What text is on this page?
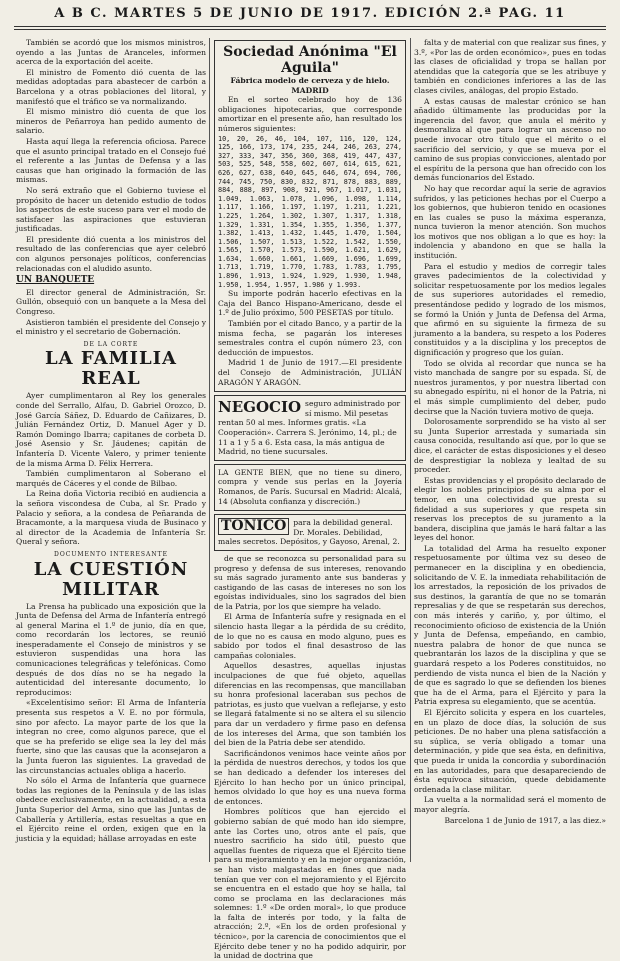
A B C. MARTES 5 DE JUNIO DE 1917. EDICIÓN 2.ª PAG. 11

También se acordó que los mismos ministros, oyendo a las Juntas de Aranceles, informen acerca de la exportación del aceite.

El ministro de Fomento dió cuenta de las medidas adoptadas para abastecer de carbón a Barcelona y a otras poblaciones del litoral, y manifestó que el tráfico se va normalizando.

El mismo ministro dió cuenta de que los mineros de Peñarroya han pedido aumento de salario.

Hasta aquí llega la referencia oficiosa. Parece que el asunto principal tratado en el Consejo fué el referente a las Juntas de Defensa y a las causas que han originado la formación de las mismas.

No será extraño que el Gobierno tuviese el propósito de hacer un detenido estudio de todos los aspectos de este suceso para ver el modo de satisfacer las aspiraciones que estuvieran justificadas.

El presidente dió cuenta a los ministros del resultado de las conferencias que ayer celebró con algunos personajes políticos, conferencias relacionadas con el aludido asunto.

UN BANQUETE

El director general de Administración, Sr. Gullón, obsequió con un banquete a la Mesa del Congreso.

Asistieron también el presidente del Consejo y el ministro y el secretario de Gobernación.

DE LA CORTE
LA FAMILIA REAL

Ayer cumplimentaron al Rey los generales conde del Serrallo, Alfau, D. Gabriel Orozco, D. José García Sáñez, D. Eduardo de Cañizares, D. Julián Fernández Ortiz, D. Manuel Ager y D. Ramón Domingo Ibarra; capitanes de corbeta D. José Asensio y Sr. Jáudenes; capitán de Infantería D. Vicente Valero, y primer teniente de la misma Arma D. Félix Herrera.

También cumplimentaron al Soberano el marqués de Cáceres y el conde de Bilbao.

La Reina doña Victoria recibió en audiencia a la señora viscondesa de Cuba, al Sr. Prado y Palacio y señora, a la condesa de Peñaranda de Bracamonte, a la marquesa viuda de Businaco y al director de la Academia de Infantería Sr. Queral y señora.

DOCUMENTO INTERESANTE
LA CUESTIÓN MILITAR

La Prensa ha publicado una exposición que la Junta de Defensa del Arma de Infantería entregó al general Marina el 1.º de junio, día en que, como recordarán los lectores, se reunió inesperadamente el Consejo de ministros y se estuvieron suspendidas una hora las comunicaciones telegráficas y telefónicas. Como después de dos días no se ha negado la autenticidad del interesante documento, lo reproducimos:

«Excelentísimo señor: El Arma de Infantería presenta sus respetos a V. E. no por fórmula, sino por afecto. La mayor parte de los que la integran no cree, como algunos parece, que el que se ha preferido se elige sea la ley del más fuerte, sino que las causas que la aconsejaron a la Junta fueron las siguientes. La gravedad de las circunstancias actuales obliga a hacerlo.

No sólo el Arma de Infantería que guarnece todas las regiones de la Península y de las islas obedece exclusivamente, en la actualidad, a esta Junta Superior del Arma, sino que las Juntas de Caballería y Artillería, estas resueltas a que en el Ejército reine el orden, exigen que en la justicia y la equidad; hállase arroyadas en este

Sociedad Anónima "El Aguila"
Fábrica modelo de cerveza y de hielo.
MADRID

En el sorteo celebrado hoy de 136 obligaciones hipotecarias, que corresponde amortizar en el presente año, han resultado los números siguientes:

10, 20, 26, 46, 104, 107, 116, 120, 124, 125, 166, 173, 174, 235, 244, 246, 263, 274, 327, 333, 347, 356, 360, 368, 419, 447, 437, 503, 525, 548, 558, 602, 607, 614, 615, 621, 626, 627, 638, 640, 645, 646, 674, 694, 706, 744, 745, 750, 830, 832, 871, 878, 883, 889, 884, 888, 897, 908, 921, 967, 1.017, 1.031, 1.049, 1.063, 1.078, 1.096, 1.098, 1.114, 1.117, 1.166, 1.197, 1.197, 1.211, 1.221, 1.225, 1.264, 1.302, 1.307, 1.317, 1.318, 1.329, 1.331, 1.354, 1.355, 1.356, 1.377, 1.382, 1.413, 1.432, 1.445, 1.470, 1.504, 1.506, 1.507, 1.513, 1.522, 1.542, 1.550, 1.565, 1.570, 1.573, 1.590, 1.621, 1.629, 1.634, 1.660, 1.661, 1.669, 1.696, 1.699, 1.713, 1.719, 1.770, 1.783, 1.783, 1.795, 1.896, 1.913, 1.924, 1.929, 1.930, 1.948, 1.950, 1.954, 1.957, 1.986 y 1.993.

Su importe podrán hacerlo efectivas en la Caja del Banco Hispano-Americano, desde el 1.º de Julio próximo, 500 PESETAS por título.

También por el citado Banco, y a partir de la misma fecha, se pagarán los intereses semestrales contra el cupón número 23, con deducción de impuestos.

Madrid 1 de Junio de 1917.—El presidente del Consejo de Administración, JULIÁN ARAGÓN Y ARAGÓN.

NEGOCIO seguro administrado por sí mismo. Mil pesetas rentan 50 al mes. Informes gratis. «La Cooperación». Carrera S. Jerónimo, 14, pl.; de 11 a 1 y 5 a 6. Esta casa, la más antigua de Madrid, no tiene sucursales.

LA GENTE BIEN, que no tiene su dinero, compra y vende sus perlas en la Joyería Romanos, de París. Sucursal en Madrid: Alcalá, 14 (Absoluta confianza y discreción.)

TONICO para la debilidad general. Dr. Morales. Debilidad, males secretos. Depósitos, y Gayoso, Arenal, 2.

de que se reconozca su personalidad para su progreso y defensa de sus intereses, renovando su más sagrado juramento ante sus banderas y castigando de las casas de intereses no son los egoístas individuales, sino los sagrados del bien de la Patria, por los que siempre ha velado.

El Arma de Infantería sufre y resignada en el silencio hasta llegar a la pérdida de su crédito, de lo que no es causa en modo alguno, pues es sabido por todos el final desastroso de las campañas coloniales.

Aquellos desastres, aquellas injustas inculpaciones de que fué objeto, aquellas diferencias en las recompensas, que mancillaban su honra profesional laceraban sus pechos de patriotas, es justo que vuelvan a reflejarse, y esto se llegará fatalmente si no se altera el su silencio para dar un verdadero y firme paso en defensa de los intereses del Arma, que son también los del bien de la Patria debe ser atendido.

Sacrificándonos venimos hace veinte años por la pérdida de nuestros derechos, y todos los que se han dedicado a defender los intereses del Ejército lo han hecho por un único principal, hemos olvidado lo que hoy es una nueva forma de entonces.

Hombres políticos que han ejercido el gobierno sabían de qué modo han ido siempre, ante las Cortes uno, otros ante el país, que nuestro sacrificio ha sido útil, puesto que aquellas fuentes de riqueza que el Ejército tiene para su mejoramiento y en la mejor organización, se han visto malgastadas en fines que nada tenían que ver con el mejoramiento y el Ejército se encuentra en el estado que hoy se halla, tal como se proclama en las declaraciones más solemnes: 1.º «De orden moral», lo que produce la falta de interés por todo, y la falta de atracción; 2.º, «En los de orden profesional y técnico», por la carencia de conocimientos que el Ejército debe tener y no ha podido adquirir, por la unidad de doctrina que

falta y de material con que realizar sus fines, y 3.º, «Por las de orden económico», pues en todas las clases de oficialidad y tropa se hallan por atendidas que la categoría que se les atribuye y también en condiciones inferiores a las de las clases civiles, análogas, del propio Estado.

A estas causas de malestar crónico se han añadido últimamente las producidas por la ingerencia del favor, que anula el mérito y desmoraliza al que para lograr un ascenso no puede invocar otro título que el mérito o el sacrificio del servicio, y que se mueva por el camino de sus propias convicciones, alentado por el espíritu de la persona que han ofrecido con los demás funcionarios del Estado.

No hay que recordar aquí la serie de agravios sufridos, y las peticiones hechas por el Cuerpo a los gobiernos, que hubieron tenido en ocasiones en las cuales se puso la máxima esperanza, nunca tuvieron la menor atención. Son muchos los motivos que nos obligan a lo que es hoy: la indolencia y abandono en que se halla la institución.

Para el estudio y medios de corregir tales graves padecimientos de la colectividad y solicitar respetuosamente por los medios legales de sus superiores autoridades el remedio, presentándose pedido y logrado de los mismos, se formó la Unión y Junta de Defensa del Arma, que afirmó en su siguiente la firmeza de su juramento a la bandera, su respeto a los Poderes constituidos y a la disciplina y los preceptos de dignificación y progreso que los guían.

Todo se olvida al recordar que nunca se ha visto manchada de sangre por su espada. Sí, de nuestros juramentos, y por nuestra libertad con su abnegado espíritu, ni el honor de la Patria, ni el más simple cumplimiento del deber, pudo decirse que la Nación tuviera motivo de queja.

Dolorosamente sorprendido se ha visto al ser su Junta Superior arrestada y sumariada sin causa conocida, resultando así que, por lo que se dice, el carácter de estas disposiciones y el deseo de desprestigiar la nobleza y lealtad de su proceder.

Estas providencias y el propósito declarado de elegir los nobles principios de su alma por el temor, en una colectividad que presta su fidelidad a sus superiores y que respeta sin reservas los preceptos de su juramento a la bandera, disciplina que jamás le hará faltar a las leyes del honor.

La totalidad del Arma ha resuelto exponer respetuosamente por última vez su deseo de permanecer en la disciplina y en obediencia, solicitando de V. E. la inmediata rehabilitación de los arrestados, la reposición de los privados de sus destinos, la garantía de que no se tomarán represalias y de que se respetarán sus derechos, con más interés y cariño, y, por último, el reconocimiento oficioso de existencia de la Unión y Junta de Defensa, empeñando, en cambio, nuestra palabra de honor de que nunca se quebrantarán los lazos de la disciplina y que se guardará respeto a los Poderes constituidos, no perdiendo de vista nunca el bien de la Nación y de que es sagrado lo que se defienden los bienes que ha de el Arma, para el Ejército y para la Patria expresa su elegamiento, que se acentúa.

El Ejército solicita y espera en los cuarteles, en un plazo de doce días, la solución de sus peticiones. De no haber una plena satisfacción a su súplica, se vería obligado a tomar una determinación, y pide que sea ésta, en definitiva, que pueda ir unida la concordia y subordinación en las autoridades, para que desapareciendo de ésta equívoca situación, quede debidamente ordenada la clase militar.

La vuelta a la normalidad será el momento de mayor alegría.

Barcelona 1 de Junio de 1917, a las diez.»
